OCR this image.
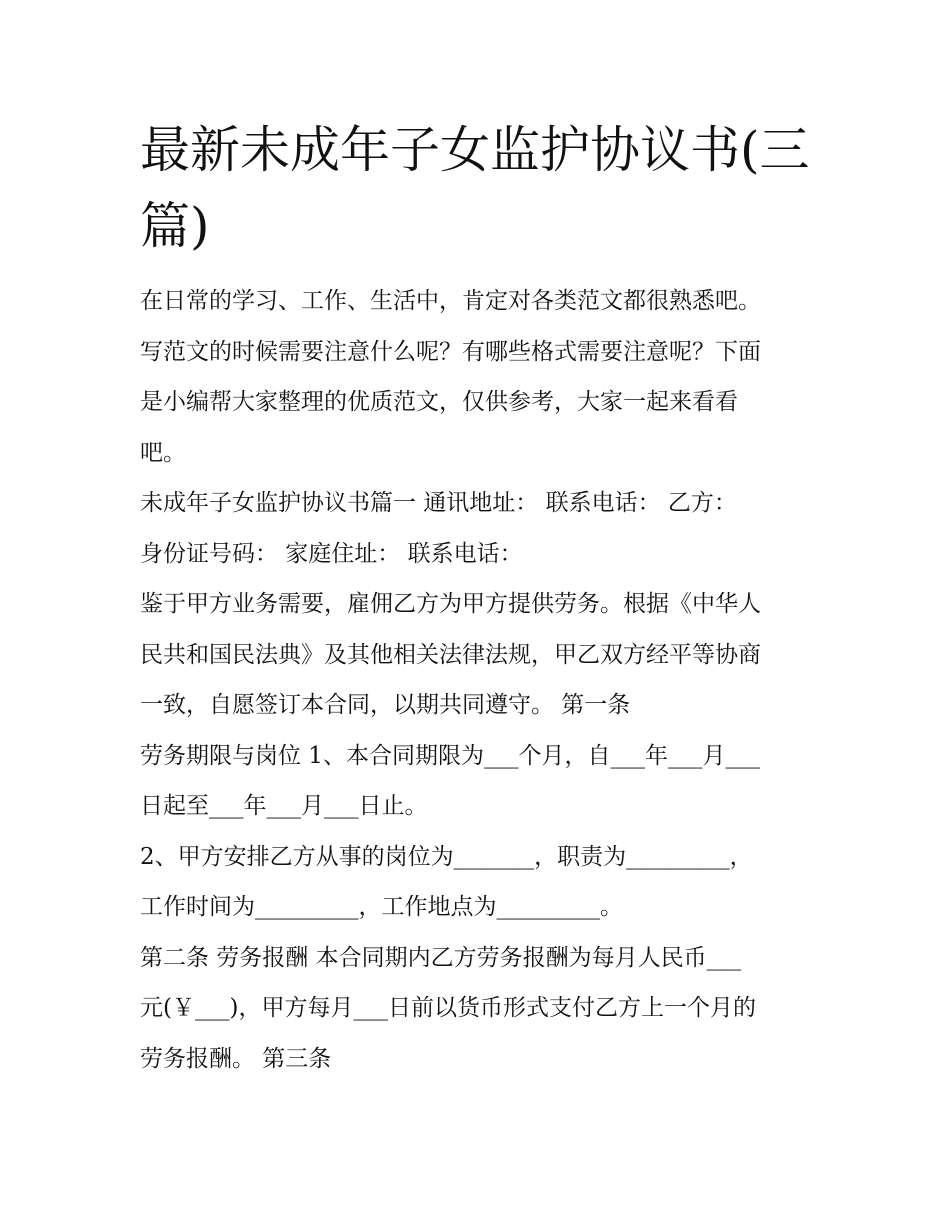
最新未成年子女监护协议书(三
篇)
在日常的学习、工作、生活中，肯定对各类范文都很熟悉吧。
写范文的时候需要注意什么呢？有哪些格式需要注意呢？下面
是小编帮大家整理的优质范文，仅供参考，大家一起来看看
吧。
未成年子女监护协议书篇一 通讯地址： 联系电话： 乙方：
身份证号码： 家庭住址： 联系电话：
鉴于甲方业务需要，雇佣乙方为甲方提供劳务。根据《中华人
民共和国民法典》及其他相关法律法规，甲乙双方经平等协商
一致，自愿签订本合同，以期共同遵守。 第一条
劳务期限与岗位 1、本合同期限为___个月，自___年___月___
日起至___年___月___日止。
2、甲方安排乙方从事的岗位为_______，职责为_________，
工作时间为_________，工作地点为_________。
第二条 劳务报酬 本合同期内乙方劳务报酬为每月人民币___
元(￥___)，甲方每月___日前以货币形式支付乙方上一个月的
劳务报酬。 第三条
